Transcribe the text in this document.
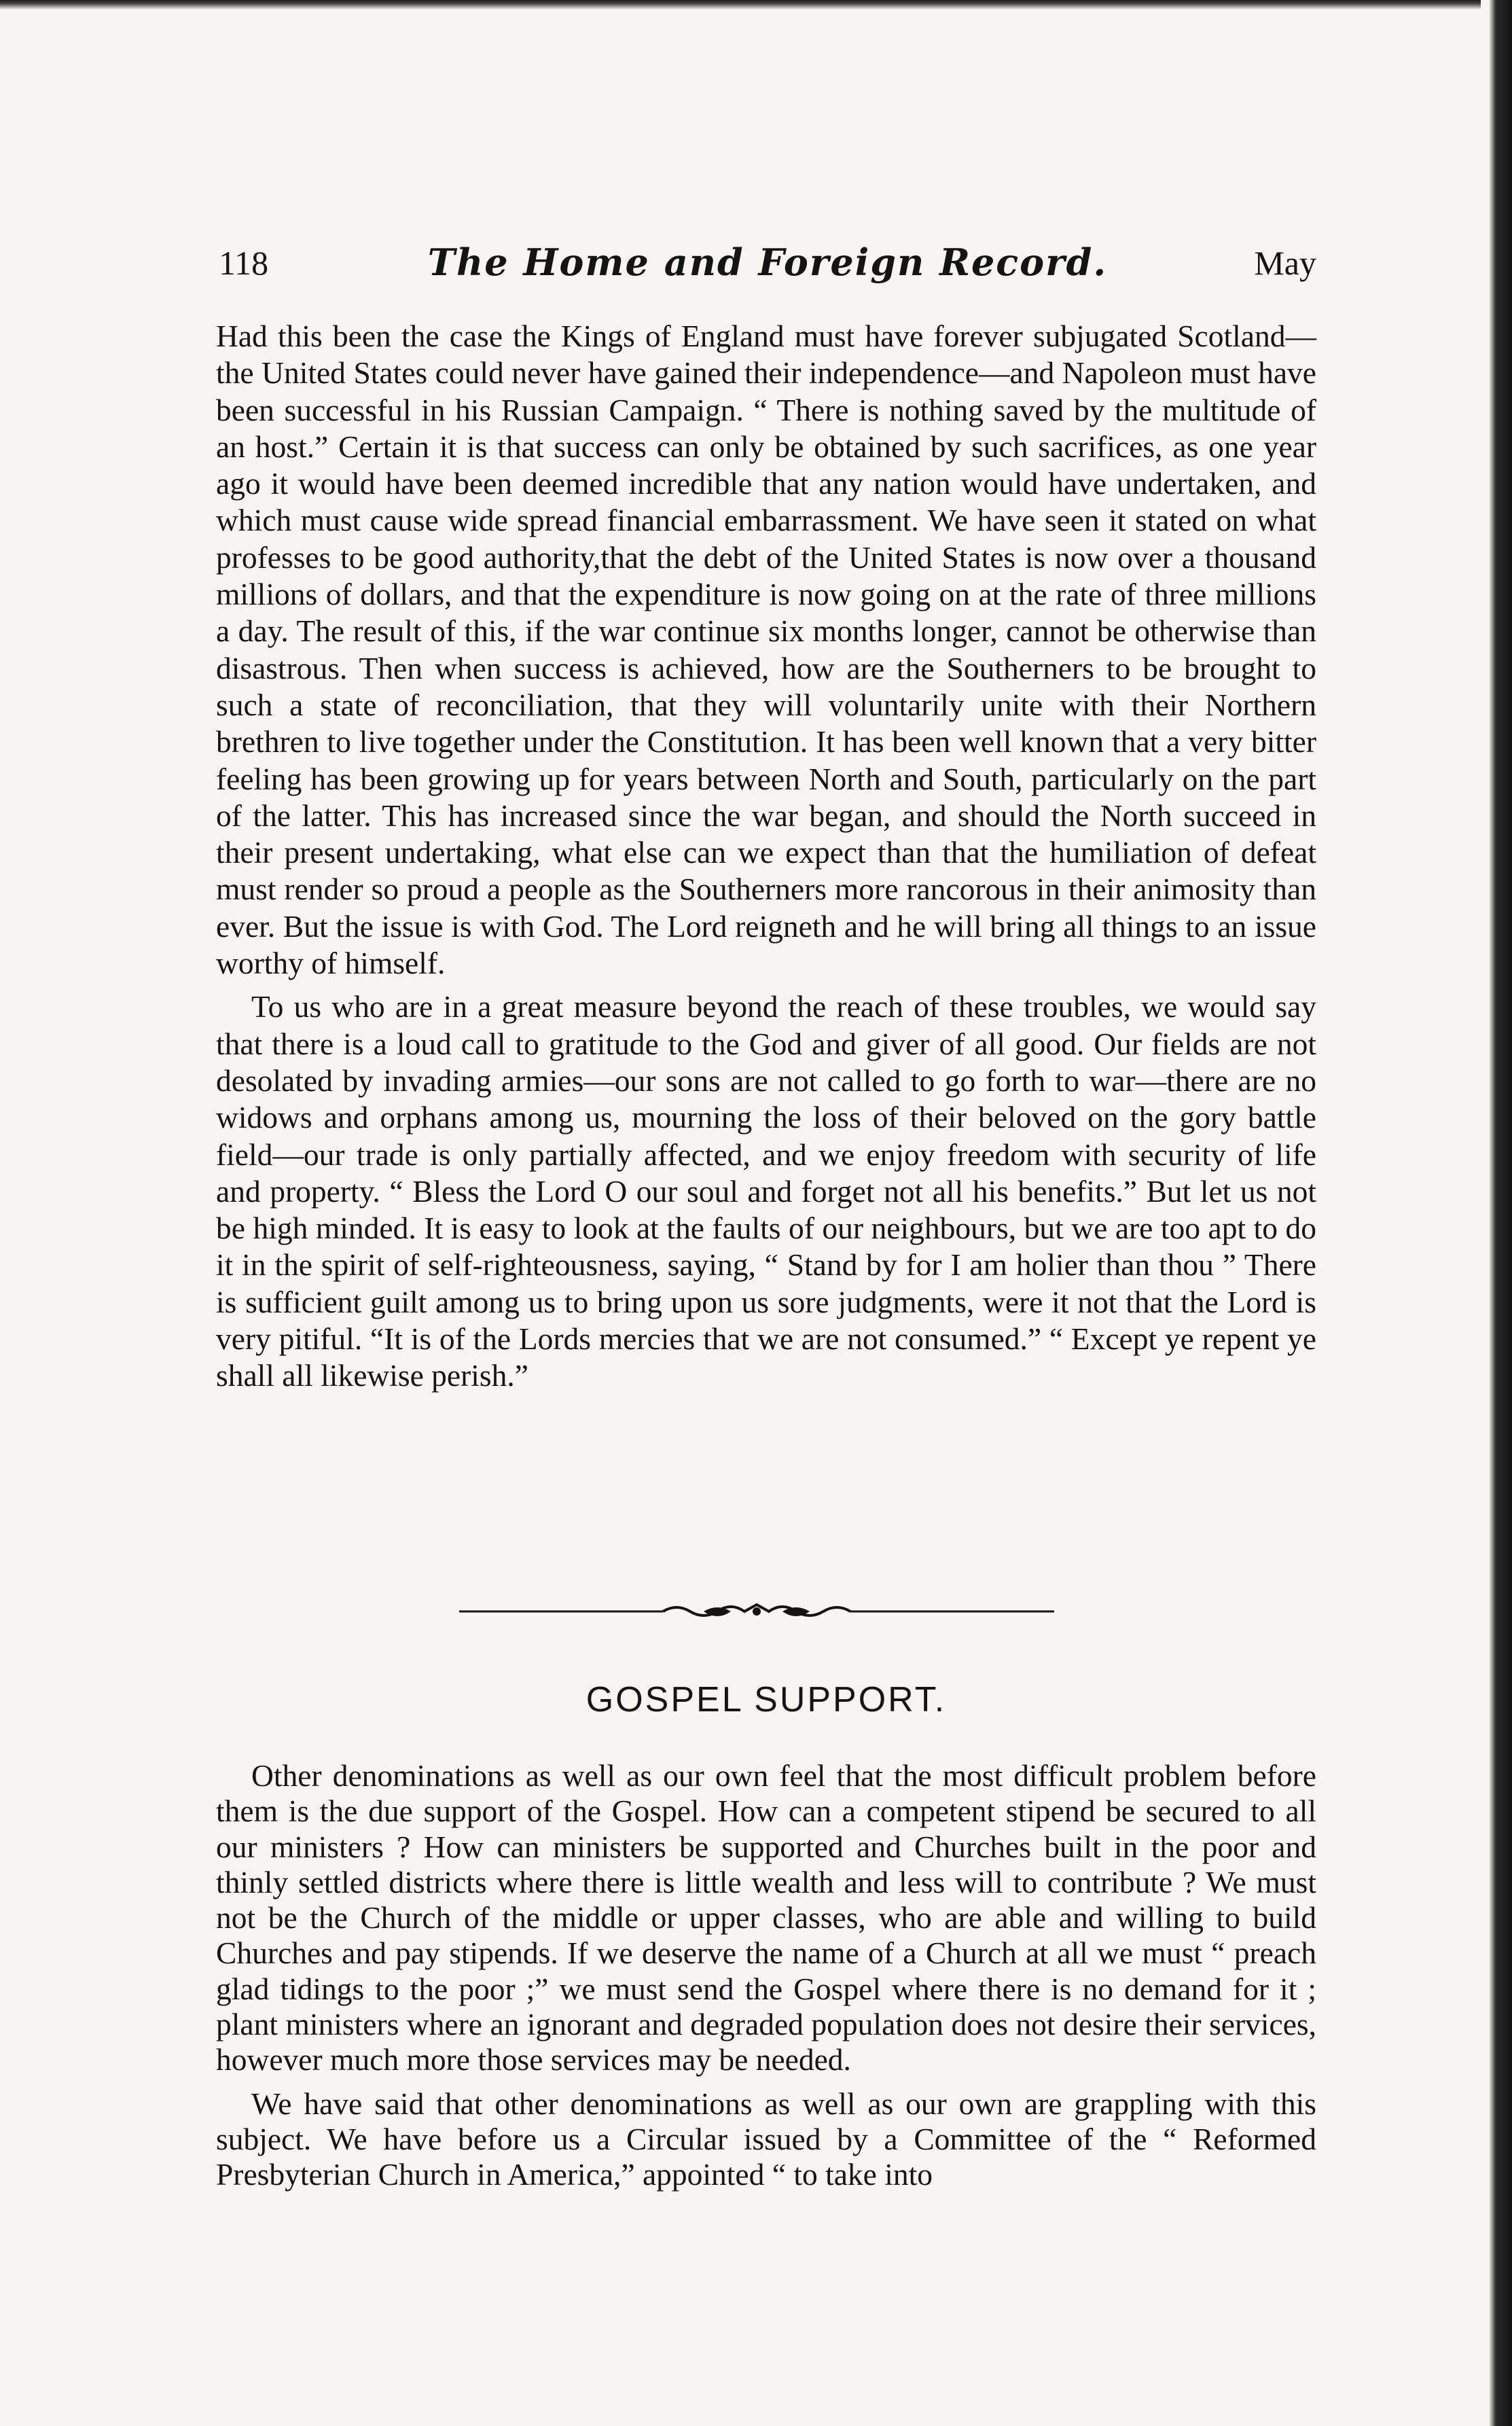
118	The Home and Foreign Record.	May

Had this been the case the Kings of England must have forever subjugated Scotland—the United States could never have gained their independence—and Napoleon must have been successful in his Russian Campaign. “ There is nothing saved by the multitude of an host.” Certain it is that success can only be obtained by such sacrifices, as one year ago it would have been deemed incredible that any nation would have undertaken, and which must cause wide spread financial embarrassment. We have seen it stated on what professes to be good authority,that the debt of the United States is now over a thousand millions of dollars, and that the expenditure is now going on at the rate of three millions a day. The result of this, if the war continue six months longer, cannot be otherwise than disastrous. Then when success is achieved, how are the Southerners to be brought to such a state of reconciliation, that they will voluntarily unite with their Northern brethren to live together under the Constitution. It has been well known that a very bitter feeling has been growing up for years between North and South, particularly on the part of the latter. This has increased since the war began, and should the North succeed in their present undertaking, what else can we expect than that the humiliation of defeat must render so proud a people as the Southerners more rancorous in their animosity than ever. But the issue is with God. The Lord reigneth and he will bring all things to an issue worthy of himself.

To us who are in a great measure beyond the reach of these troubles, we would say that there is a loud call to gratitude to the God and giver of all good. Our fields are not desolated by invading armies—our sons are not called to go forth to war—there are no widows and orphans among us, mourning the loss of their beloved on the gory battle field—our trade is only partially affected, and we enjoy freedom with security of life and property. “ Bless the Lord O our soul and forget not all his benefits.” But let us not be high minded. It is easy to look at the faults of our neighbours, but we are too apt to do it in the spirit of self-righteousness, saying, “ Stand by for I am holier than thou ” There is sufficient guilt among us to bring upon us sore judgments, were it not that the Lord is very pitiful. “It is of the Lords mercies that we are not consumed.” “ Except ye repent ye shall all likewise perish.”

GOSPEL SUPPORT.

Other denominations as well as our own feel that the most difficult problem before them is the due support of the Gospel. How can a competent stipend be secured to all our ministers ? How can ministers be supported and Churches built in the poor and thinly settled districts where there is little wealth and less will to contribute ? We must not be the Church of the middle or upper classes, who are able and willing to build Churches and pay stipends. If we deserve the name of a Church at all we must “ preach glad tidings to the poor ;” we must send the Gospel where there is no demand for it ; plant ministers where an ignorant and degraded population does not desire their services, however much more those services may be needed.

We have said that other denominations as well as our own are grappling with this subject. We have before us a Circular issued by a Committee of the “ Reformed Presbyterian Church in America,” appointed “ to take into
